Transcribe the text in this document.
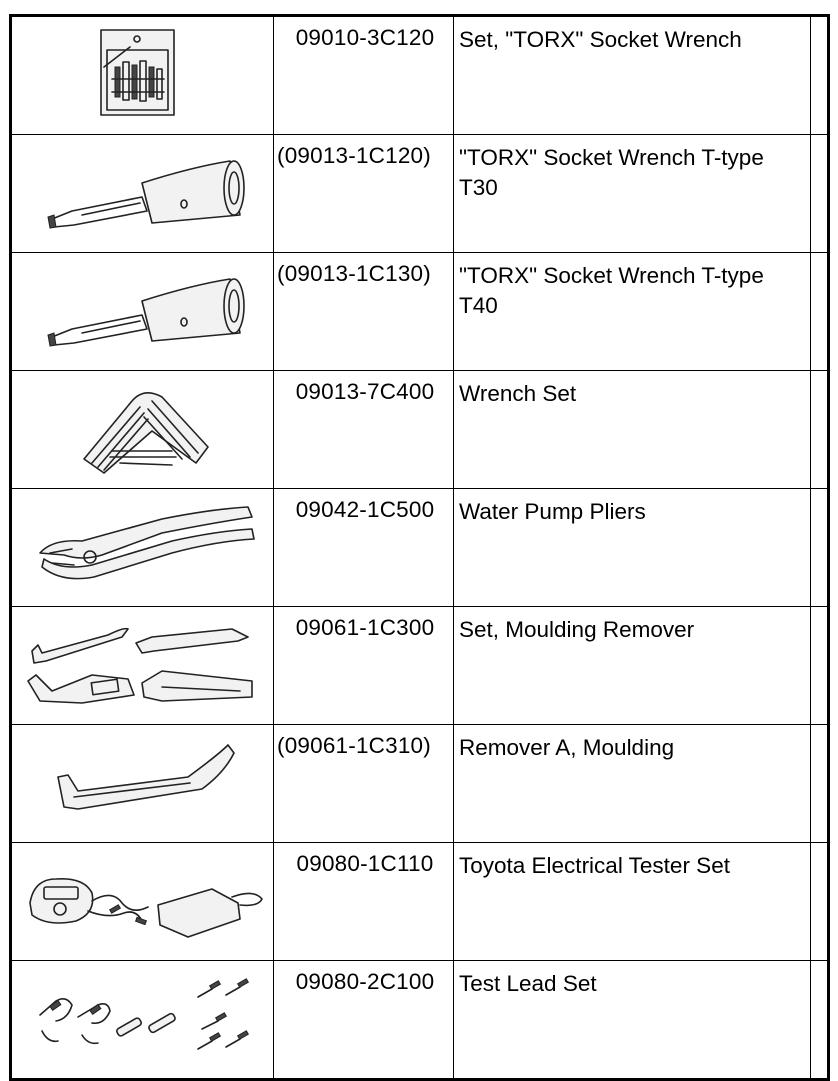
09010-3C120	Set, "TORX" Socket Wrench	

(09013-1C120)	"TORX" Socket Wrench T-type T30	

(09013-1C130)	"TORX" Socket Wrench T-type T40	

09013-7C400	Wrench Set	

09042-1C500	Water Pump Pliers	

09061-1C300	Set, Moulding Remover	

(09061-1C310)	Remover A, Moulding	

09080-1C110	Toyota Electrical Tester Set	

09080-2C100	Test Lead Set	
